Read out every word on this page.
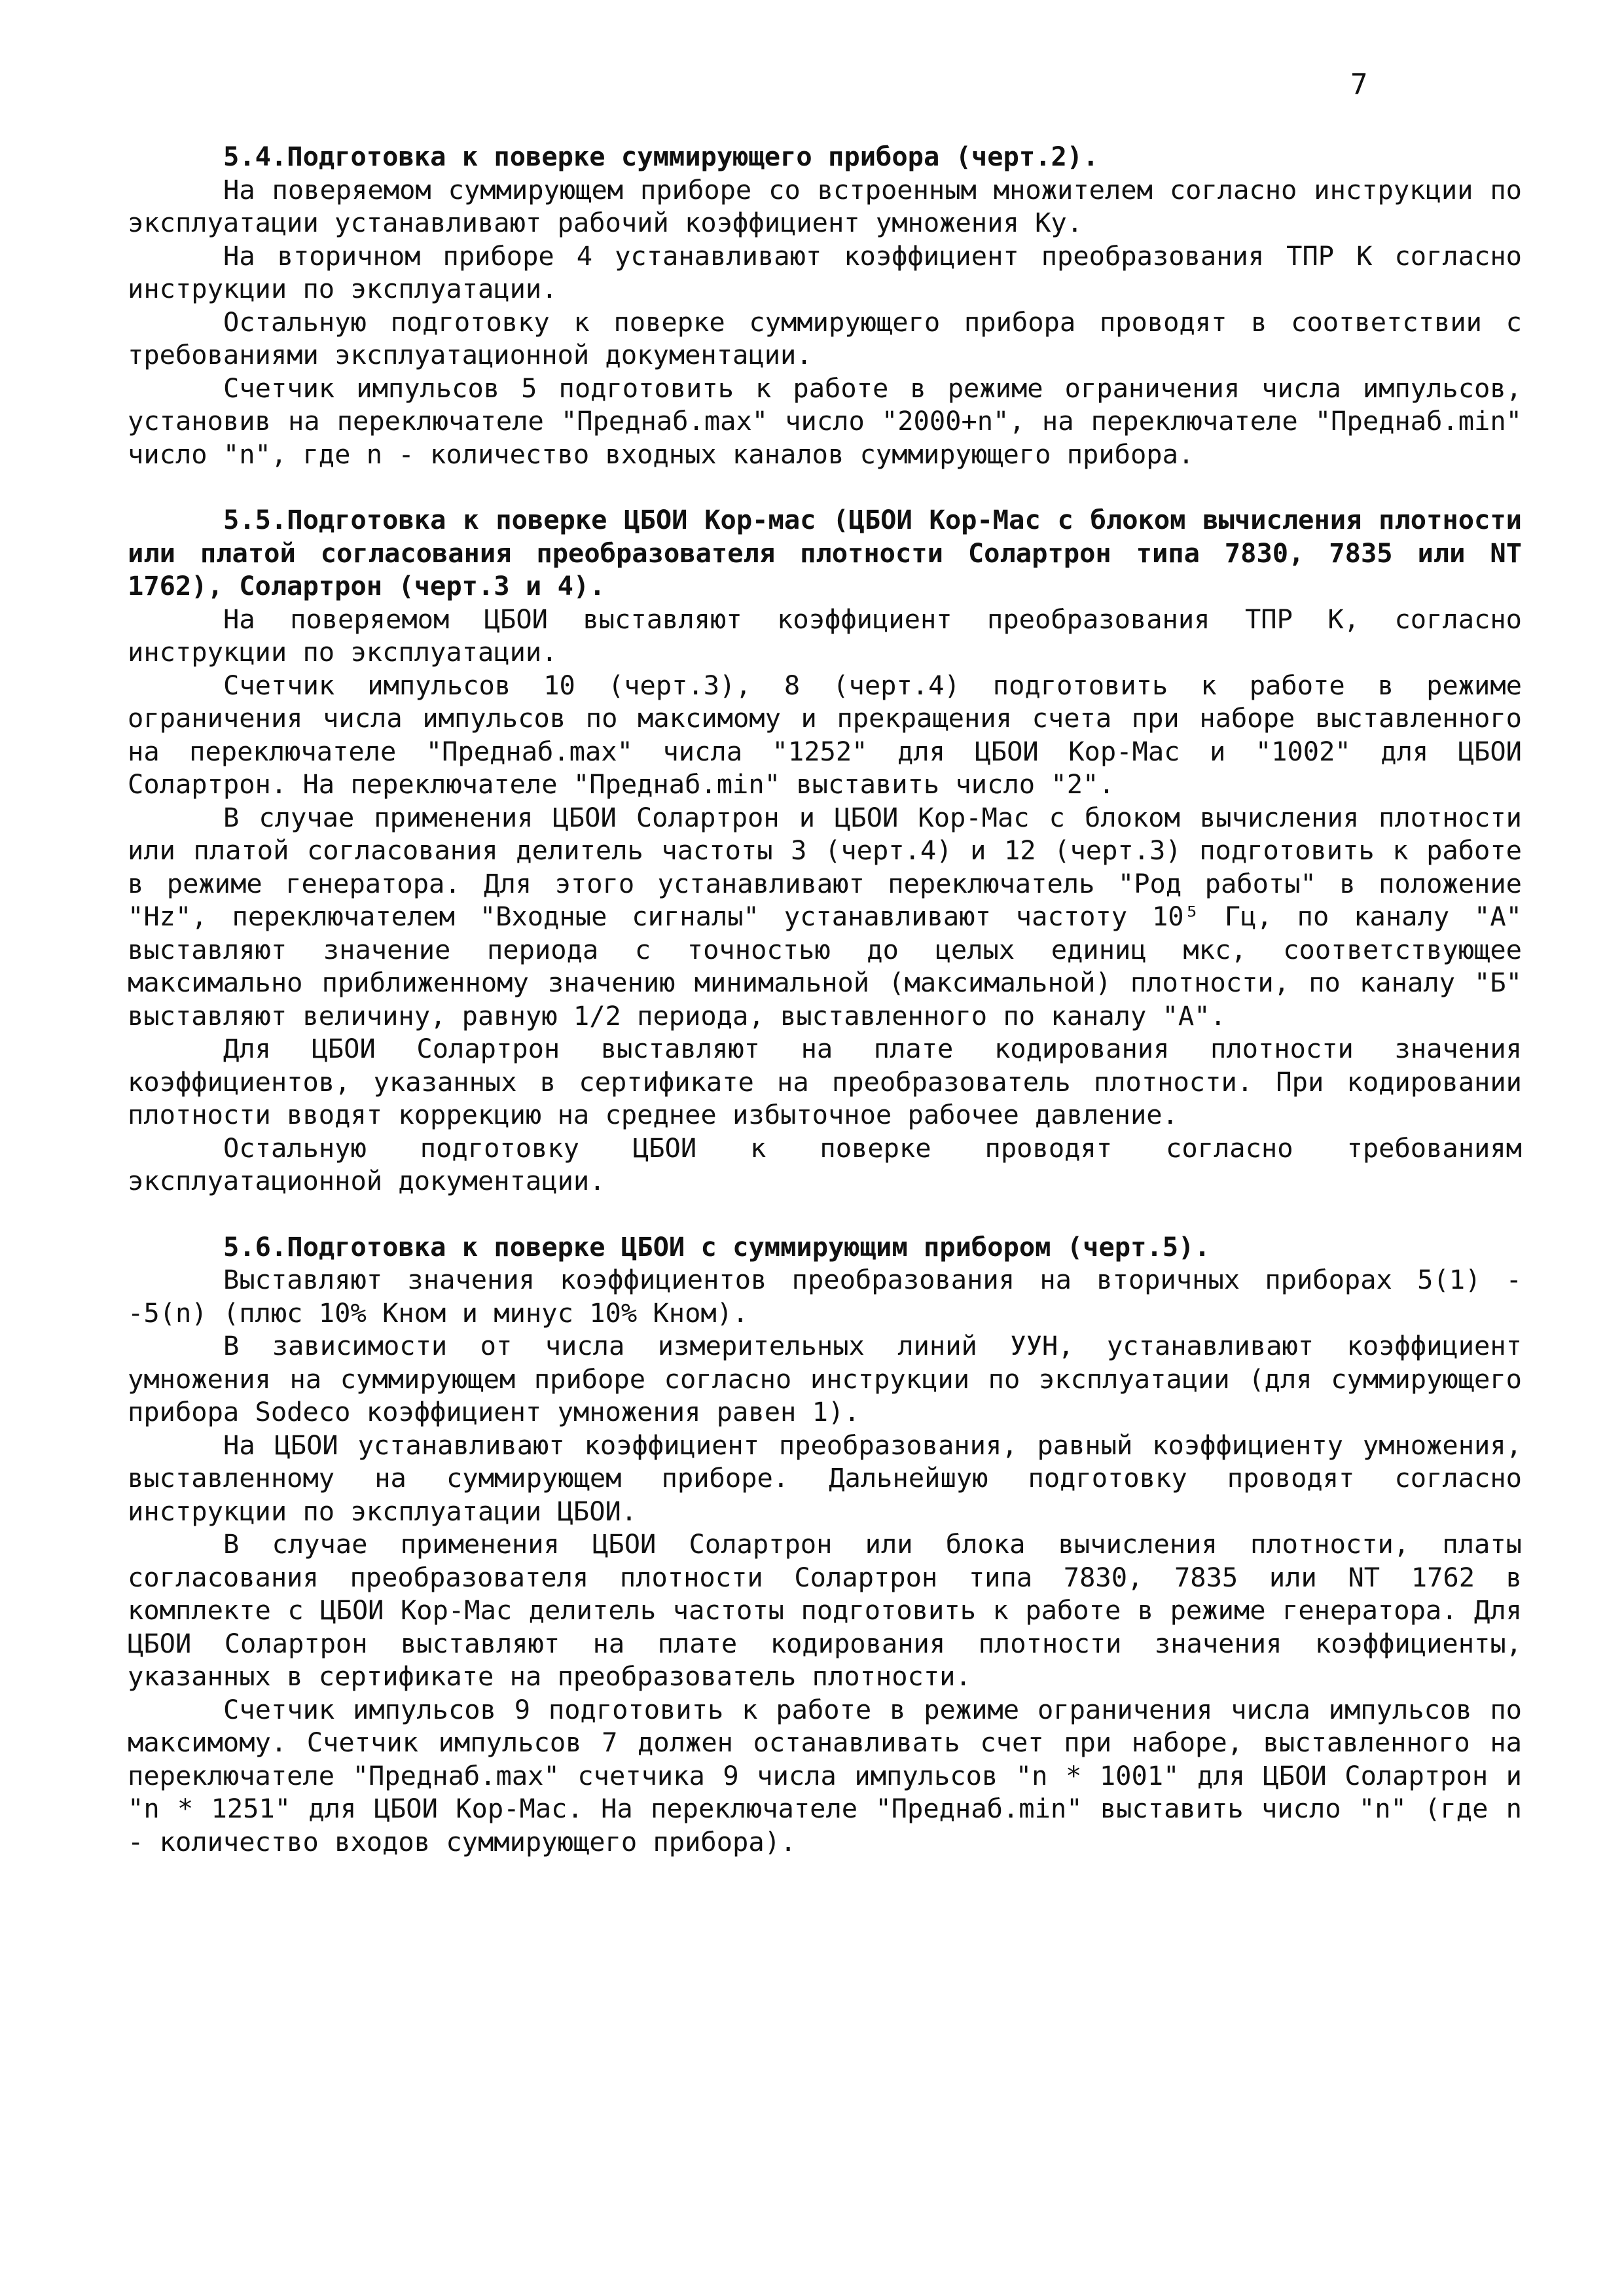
7

5.4.Подготовка к поверке суммирующего прибора (черт.2).

На поверяемом суммирующем приборе со встроенным множителем согласно инструкции по эксплуатации устанавливают рабочий коэффициент умножения Kу.

На вторичном приборе 4 устанавливают коэффициент преобразования ТПР К согласно инструкции по эксплуатации.

Остальную подготовку к поверке суммирующего прибора проводят в соответствии с требованиями эксплуатационной документации.

Счетчик импульсов 5 подготовить к работе в режиме ограничения числа импульсов, установив на переключателе "Преднаб.max" число "2000+n", на переключателе "Преднаб.min" число "n", где n - количество входных каналов суммирующего прибора.

5.5.Подготовка к поверке ЦБОИ Кор-мас (ЦБОИ Кор-Мас с блоком вычисления плотности или платой согласования преобразователя плотности Солартрон типа 7830, 7835 или NT 1762), Солартрон (черт.3 и 4).

На поверяемом ЦБОИ выставляют коэффициент преобразования ТПР К, согласно инструкции по эксплуатации.

Счетчик импульсов 10 (черт.3), 8 (черт.4) подготовить к работе в режиме ограничения числа импульсов по максимому и прекращения счета при наборе выставленного на переключателе "Преднаб.max" числа "1252" для ЦБОИ Кор-Мас и "1002" для ЦБОИ Солартрон. На переключателе "Преднаб.min" выставить число "2".

В случае применения ЦБОИ Солартрон и ЦБОИ Кор-Мас с блоком вычисления плотности или платой согласования делитель частоты 3 (черт.4) и 12 (черт.3) подготовить к работе в режиме генератора. Для этого устанавливают переключатель "Род работы" в положение "Hz", переключателем "Входные сигналы" устанавливают частоту 10⁵ Гц, по каналу "А" выставляют значение периода с точностью до целых единиц мкс, соответствующее максимально приближенному значению минимальной (максимальной) плотности, по каналу "Б" выставляют величину, равную 1/2 периода, выставленного по каналу "А".

Для ЦБОИ Солартрон выставляют на плате кодирования плотности значения коэффициентов, указанных в сертификате на преобразователь плотности. При кодировании плотности вводят коррекцию на среднее избыточное рабочее давление.

Остальную подготовку ЦБОИ к поверке проводят согласно требованиям эксплуатационной документации.

5.6.Подготовка к поверке ЦБОИ с суммирующим прибором (черт.5).

Выставляют значения коэффициентов преобразования на вторичных приборах 5(1) - -5(n) (плюс 10% Kном и минус 10% Kном).

В зависимости от числа измерительных линий УУН, устанавливают коэффициент умножения на суммирующем приборе согласно инструкции по эксплуатации (для суммирующего прибора Sodeco коэффициент умножения равен 1).

На ЦБОИ устанавливают коэффициент преобразования, равный коэффициенту умножения, выставленному на суммирующем приборе. Дальнейшую подготовку проводят согласно инструкции по эксплуатации ЦБОИ.

В случае применения ЦБОИ Солартрон или блока вычисления плотности, платы согласования преобразователя плотности Солартрон типа 7830, 7835 или NT 1762 в комплекте с ЦБОИ Кор-Мас делитель частоты подготовить к работе в режиме генератора. Для ЦБОИ Солартрон выставляют на плате кодирования плотности значения коэффициенты, указанных в сертификате на преобразователь плотности.

Счетчик импульсов 9 подготовить к работе в режиме ограничения числа импульсов по максимому. Счетчик импульсов 7 должен останавливать счет при наборе, выставленного на переключателе "Преднаб.max" счетчика 9 числа импульсов "n * 1001" для ЦБОИ Солартрон и "n * 1251" для ЦБОИ Кор-Мас. На переключателе "Преднаб.min" выставить число "n" (где n - количество входов суммирующего прибора).
